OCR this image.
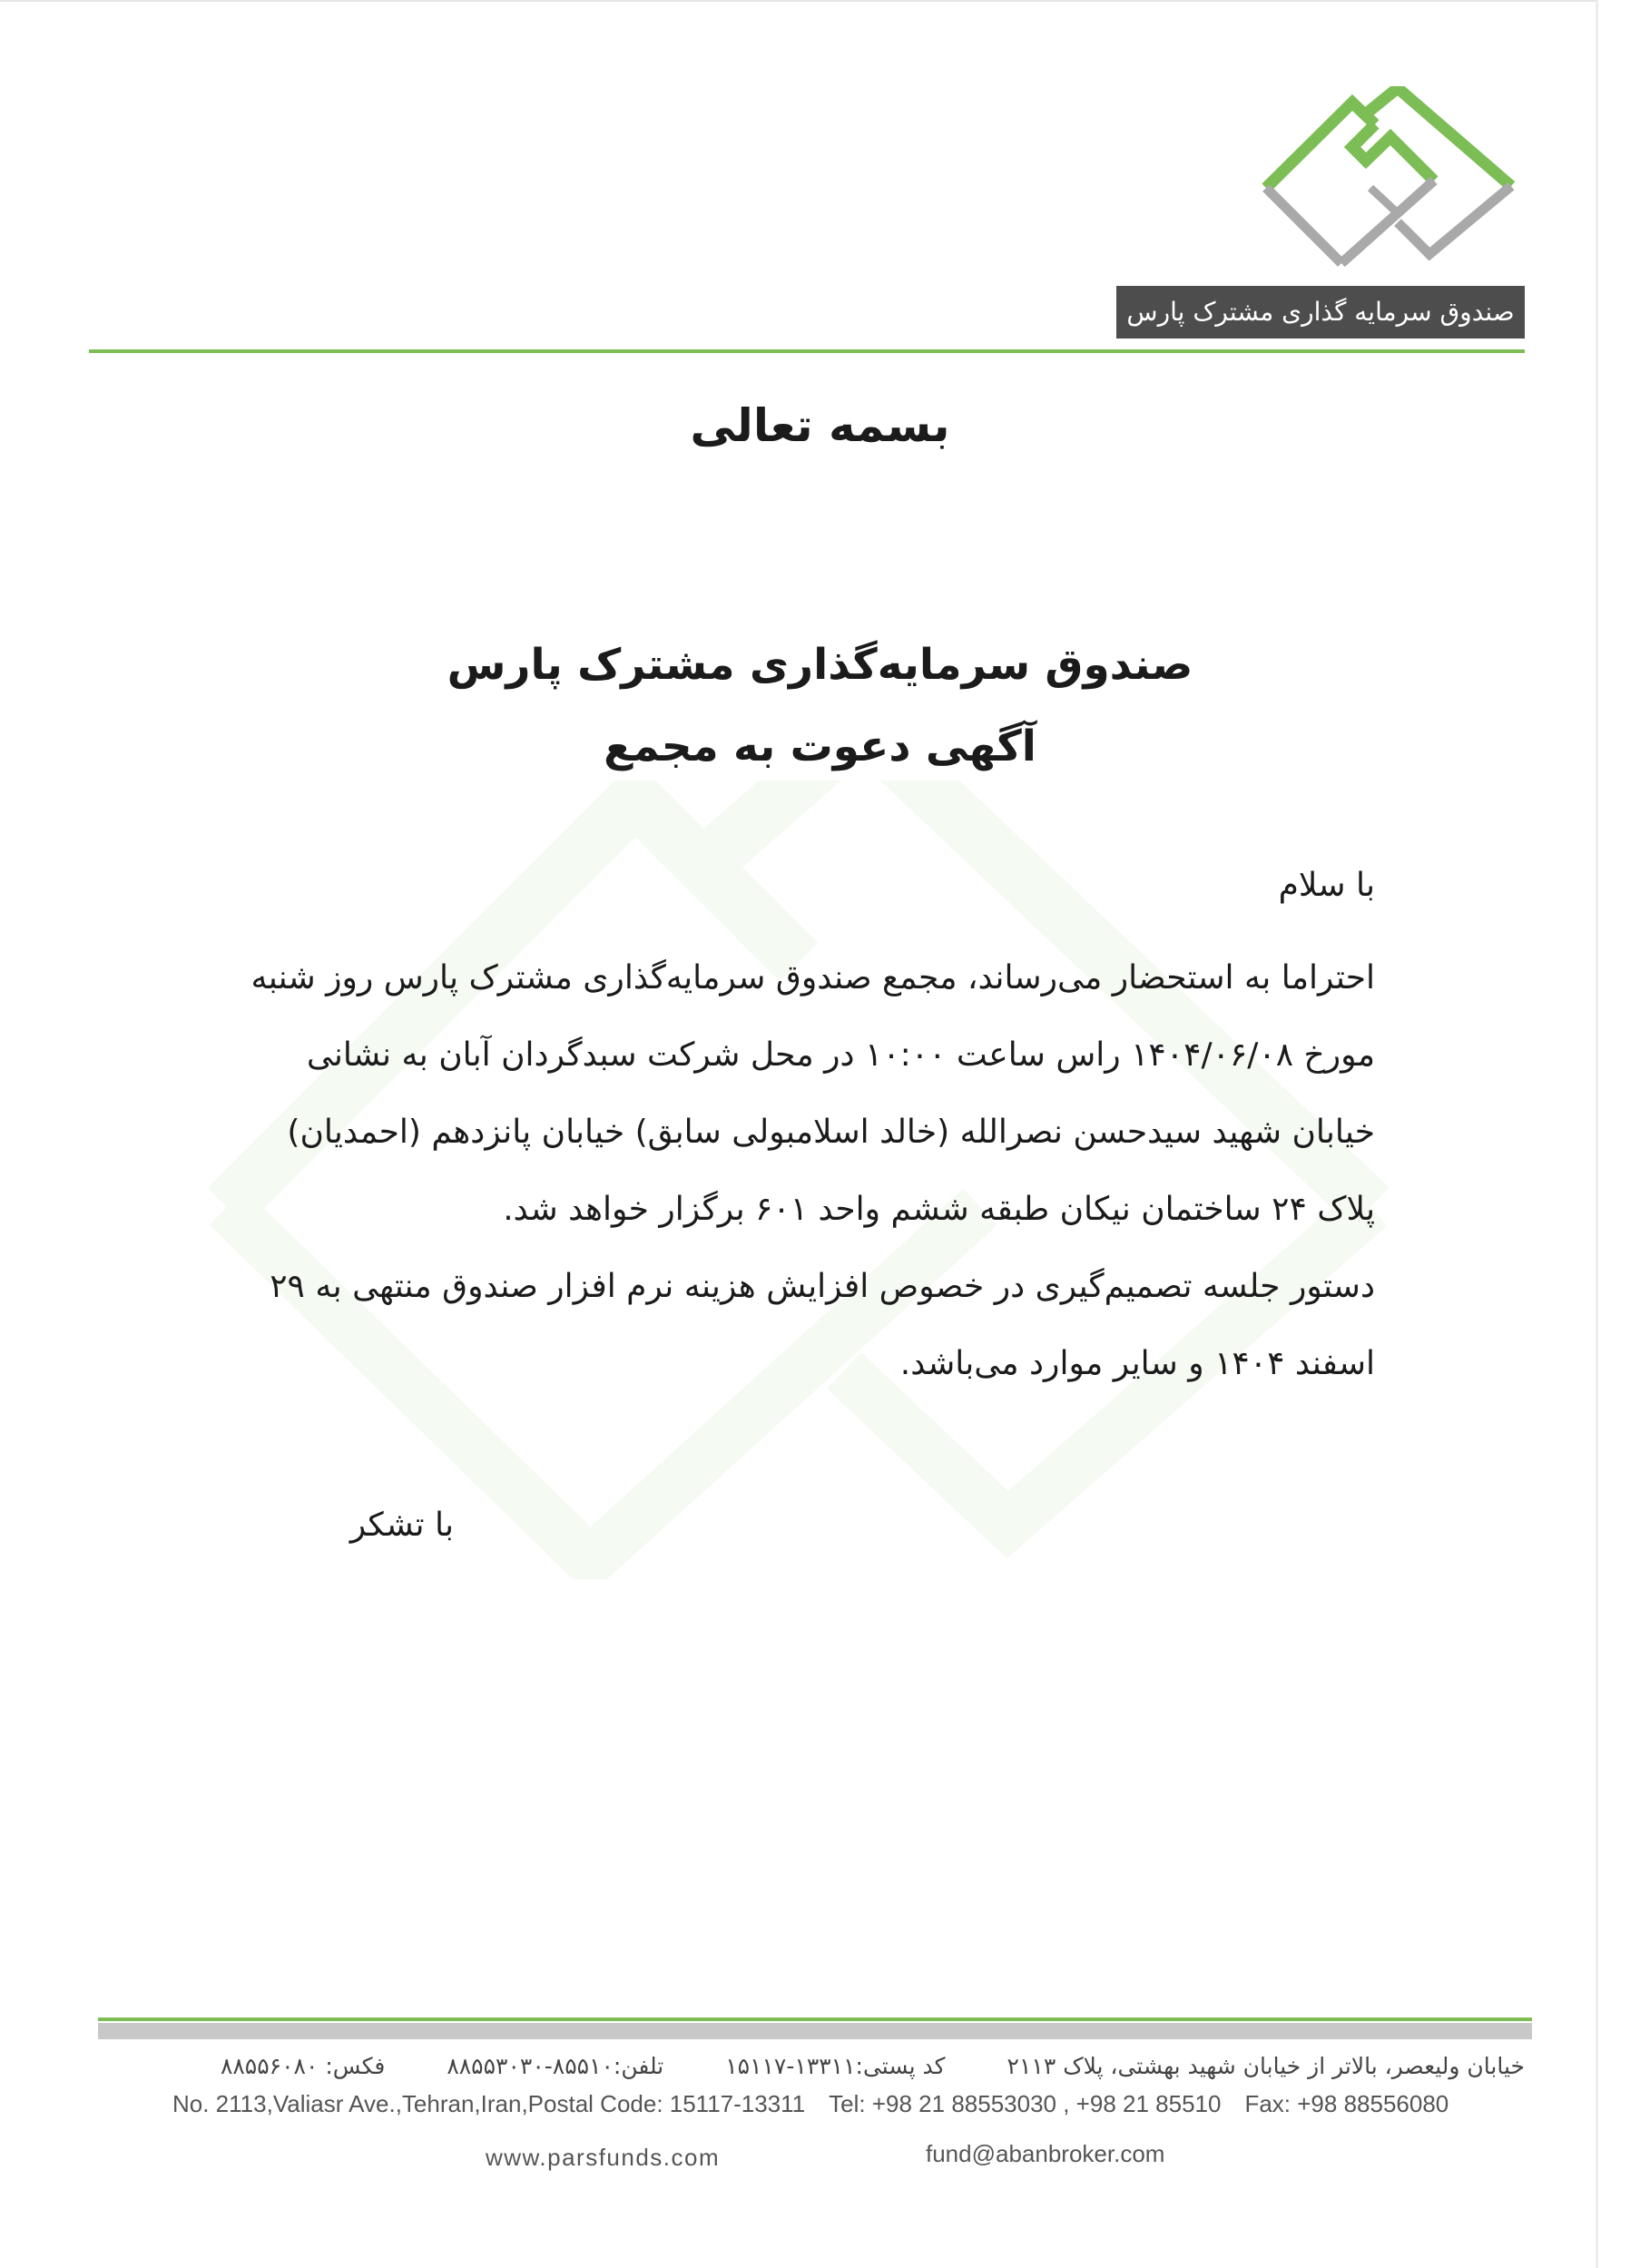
صندوق سرمایه گذاری مشترک پارس
بسمه تعالی
صندوق سرمایه‌گذاری مشترک پارس
آگهی دعوت به مجمع

با سلام

احتراما به استحضار می‌رساند، مجمع صندوق سرمایه‌گذاری مشترک پارس روز شنبه
مورخ ۱۴۰۴/۰۶/۰۸ راس ساعت ۱۰:۰۰ در محل شرکت سبدگردان آبان به نشانی
خیابان شهید سیدحسن نصرالله (خالد اسلامبولی سابق) خیابان پانزدهم (احمدیان)
پلاک ۲۴ ساختمان نیکان طبقه ششم واحد ۶۰۱ برگزار خواهد شد.
دستور جلسه تصمیم‌گیری در خصوص افزایش هزینه نرم افزار صندوق منتهی به ۲۹
اسفند ۱۴۰۴ و سایر موارد می‌باشد.

با تشکر

خیابان ولیعصر، بالاتر از خیابان شهید بهشتی، پلاک ۲۱۱۳ کد پستی:۱۳۳۱۱-۱۵۱۱۷ تلفن:۸۵۵۱۰-۸۸۵۵۳۰۳۰ فکس: ۸۸۵۵۶۰۸۰

No. 2113,Valiasr Ave.,Tehran,Iran,Postal Code: 15117-13311 Tel: +98 21 88553030 , +98 21 85510 Fax: +98 88556080

www.parsfunds.com	fund@abanbroker.com
